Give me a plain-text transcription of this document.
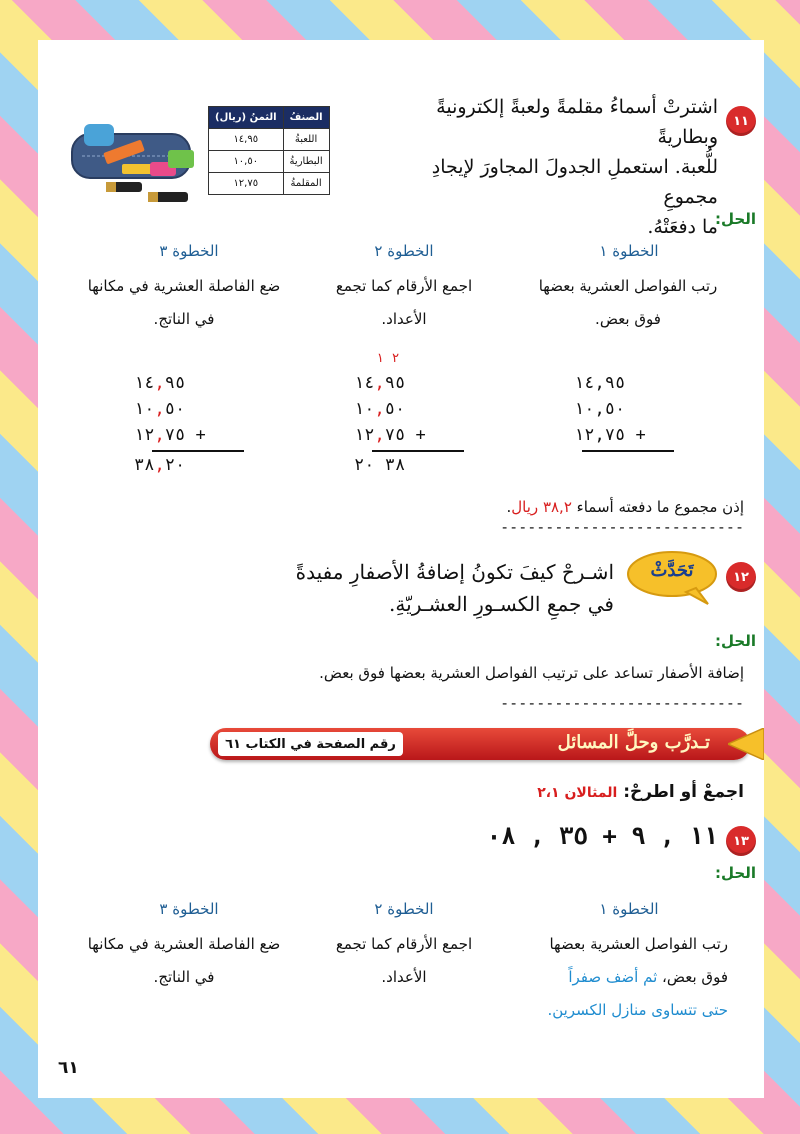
١١
اشترتْ أسماءُ مقلمةً ولعبةً إلكترونيةً وبطاريةً
للُّعبة. استعملِ الجدولَ المجاورَ لإيجادِ مجموعِ
ما دفعَتْهُ.
الصنفُ	الثمنُ (ريال)
اللعبةُ	١٤,٩٥
البطاريةُ	١٠,٥٠
المقلمةُ	١٢,٧٥
الحل:
الخطوة ١
الخطوة ٢
الخطوة ٣
رتب الفواصل العشرية بعضها
فوق بعض.
اجمع الأرقام كما تجمع
الأعداد.
ضع الفاصلة العشرية في مكانها
في الناتج.
١٤,٩٥
١٠,٥٠
١٢,٧٥ +
٢ ١
١٤,٩٥
١٠,٥٠
١٢,٧٥ +
٣٨ ٢٠
١٤,٩٥
١٠,٥٠
١٢,٧٥ +
٣٨,٢٠
إذن مجموع ما دفعته أسماء ٣٨,٢ ريال.
---------------------------
١٢
تَحَدَّثْ
اشـرحْ كيفَ تكونُ إضافةُ الأصفارِ مفيدةً
في جمعِ الكسـورِ العشـريّةِ.
الحل:
إضافة الأصفار تساعد على ترتيب الفواصل العشرية بعضها فوق بعض.
---------------------------
رقم الصفحة في الكتاب ٦١	تـدرَّب وحلَّ المسائل
اجمعْ أو اطرحْ: المثالان ٢،١
١٣
١١ , ٩ + ٣٥ , ٠٨
الحل:
الخطوة ١
الخطوة ٢
الخطوة ٣
رتب الفواصل العشرية بعضها
فوق بعض، ثم أضف صفراً
حتى تتساوى منازل الكسرين.
اجمع الأرقام كما تجمع
الأعداد.
ضع الفاصلة العشرية في مكانها
في الناتج.
٦١
